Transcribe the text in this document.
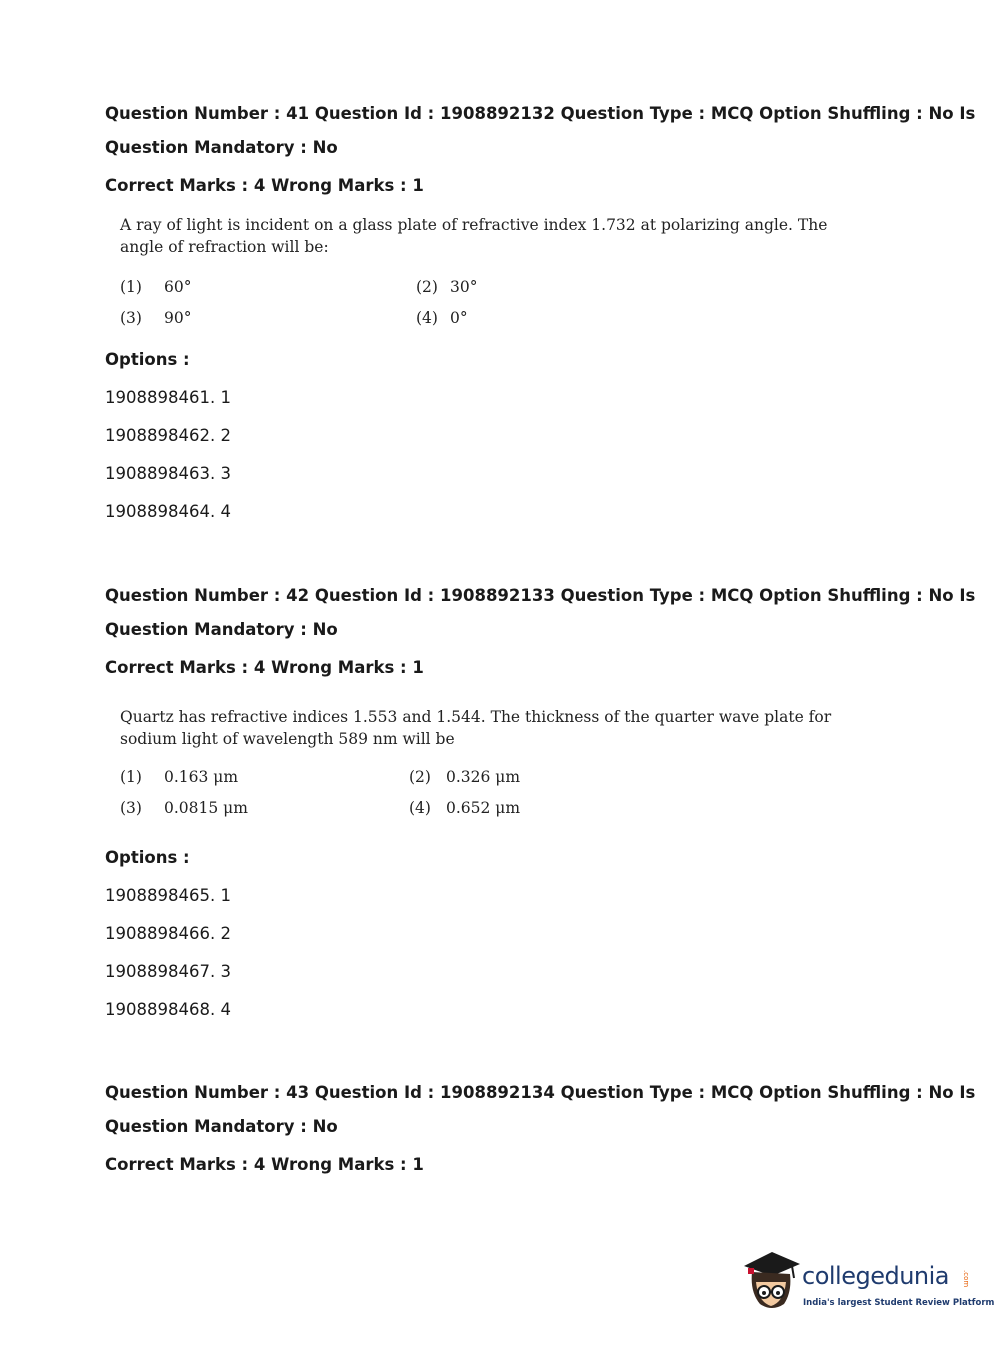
Question Number : 41 Question Id : 1908892132 Question Type : MCQ Option Shuffling : No Is
Question Mandatory : No
Correct Marks : 4 Wrong Marks : 1
A ray of light is incident on a glass plate of refractive index 1.732 at polarizing angle. The
angle of refraction will be:
(1) 60°	(2) 30°
(3) 90°	(4) 0°
Options :
1908898461. 1
1908898462. 2
1908898463. 3
1908898464. 4
Question Number : 42 Question Id : 1908892133 Question Type : MCQ Option Shuffling : No Is
Question Mandatory : No
Correct Marks : 4 Wrong Marks : 1
Quartz has refractive indices 1.553 and 1.544. The thickness of the quarter wave plate for
sodium light of wavelength 589 nm will be
(1) 0.163 μm	(2) 0.326 μm
(3) 0.0815 μm	(4) 0.652 μm
Options :
1908898465. 1
1908898466. 2
1908898467. 3
1908898468. 4
Question Number : 43 Question Id : 1908892134 Question Type : MCQ Option Shuffling : No Is
Question Mandatory : No
Correct Marks : 4 Wrong Marks : 1
collegedunia .com
India's largest Student Review Platform
